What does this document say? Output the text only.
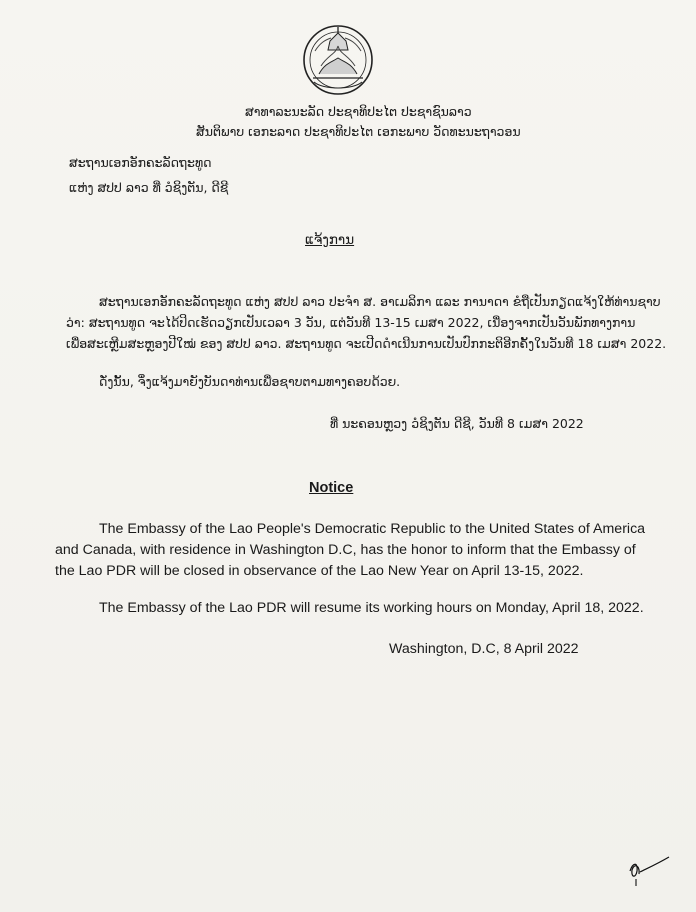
ສາທາລະນະລັດ ປະຊາທິປະໄຕ ປະຊາຊົນລາວ
ສັນຕິພາບ ເອກະລາດ ປະຊາທິປະໄຕ ເອກະພາບ ວັດທະນະຖາວອນ
ສະຖານເອກອັກຄະລັດຖະທູດ
ແຫ່ງ ສປປ ລາວ ທີ່ ວໍຊິງຕັນ, ດີຊີ
ແຈ້ງການ
ສະຖານເອກອັກຄະລັດຖະທູດ ແຫ່ງ ສປປ ລາວ ປະຈຳ ສ. ອາເມລິກາ ແລະ ການາດາ ຂໍຖືເປັນກຽດແຈ້ງໃຫ້ທ່ານຊາບ
ວ່າ: ສະຖານທູດ ຈະໄດ້ປິດເຮັດວຽກເປັນເວລາ 3 ວັນ, ແຕ່ວັນທີ 13-15 ເມສາ 2022, ເນື່ອງຈາກເປັນວັນພັກທາງການ
ເພື່ອສະເຫຼີມສະຫຼອງປີໃໝ່ ຂອງ ສປປ ລາວ. ສະຖານທູດ ຈະເປີດດຳເນີນການເປັນປົກກະຕິອີກຄັ້ງໃນວັນທີ 18 ເມສາ 2022.
ດັ່ງນັ້ນ, ຈຶ່ງແຈ້ງມາຍັງບັນດາທ່ານເພື່ອຊາບຕາມທາງຄອບດ້ວຍ.
ທີ່ ນະຄອນຫຼວງ ວໍຊິງຕັນ ດີຊີ, ວັນທີ 8 ເມສາ 2022
Notice
The Embassy of the Lao People's Democratic Republic to the United States of America
and Canada, with residence in Washington D.C, has the honor to inform that the Embassy of
the Lao PDR will be closed in observance of the Lao New Year on April 13-15, 2022.
The Embassy of the Lao PDR will resume its working hours on Monday, April 18, 2022.
Washington, D.C, 8 April 2022
